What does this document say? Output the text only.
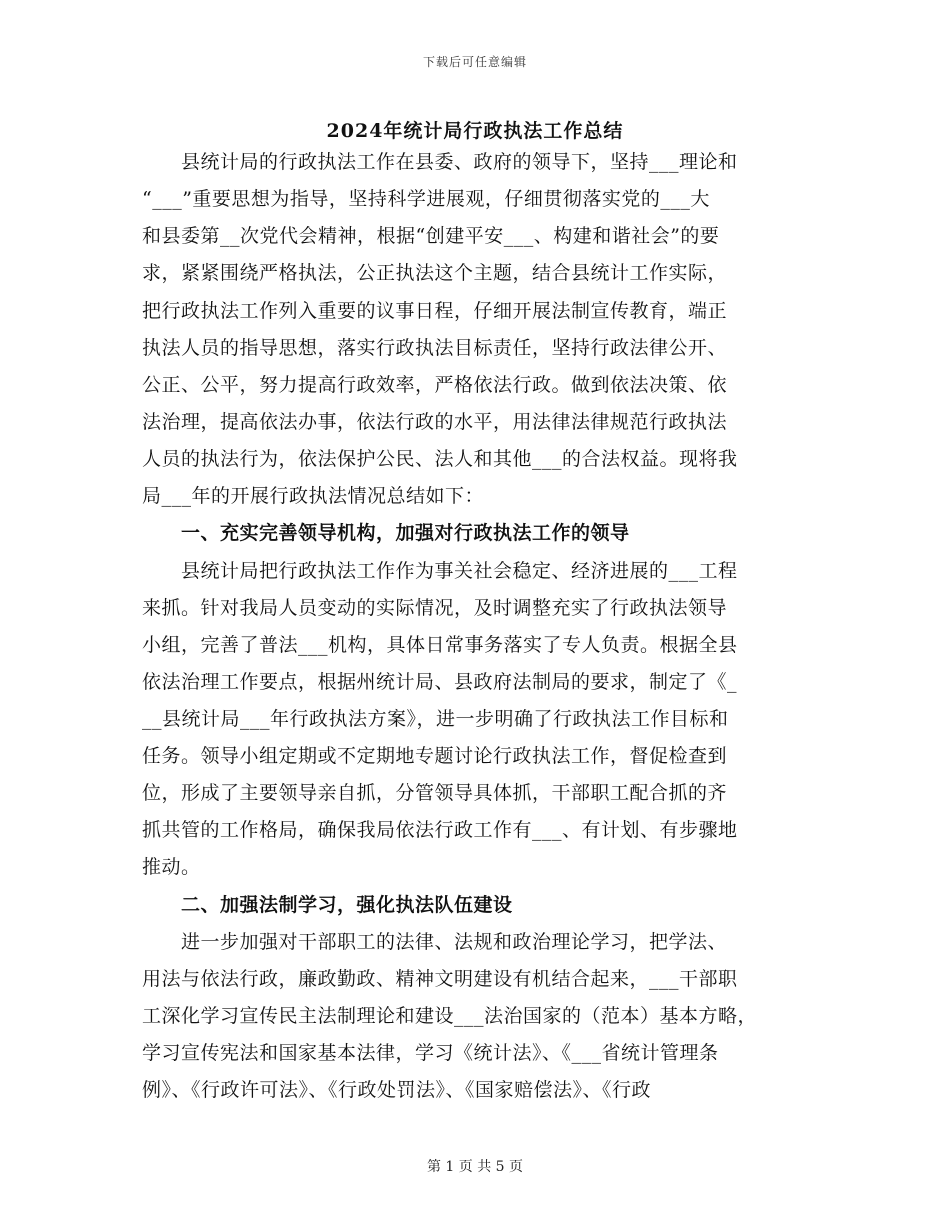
下载后可任意编辑
2024年统计局行政执法工作总结
　　县统计局的行政执法工作在县委、政府的领导下，坚持___理论和
“___”重要思想为指导，坚持科学进展观，仔细贯彻落实党的___大
和县委第__次党代会精神，根据“创建平安___、构建和谐社会”的要
求，紧紧围绕严格执法，公正执法这个主题，结合县统计工作实际，
把行政执法工作列入重要的议事日程，仔细开展法制宣传教育，端正
执法人员的指导思想，落实行政执法目标责任，坚持行政法律公开、
公正、公平，努力提高行政效率，严格依法行政。做到依法决策、依
法治理，提高依法办事，依法行政的水平，用法律法律规范行政执法
人员的执法行为，依法保护公民、法人和其他___的合法权益。现将我
局___年的开展行政执法情况总结如下：
　　一、充实完善领导机构，加强对行政执法工作的领导
　　县统计局把行政执法工作作为事关社会稳定、经济进展的___工程
来抓。针对我局人员变动的实际情况，及时调整充实了行政执法领导
小组，完善了普法___机构，具体日常事务落实了专人负责。根据全县
依法治理工作要点，根据州统计局、县政府法制局的要求，制定了《_
__县统计局___年行政执法方案》，进一步明确了行政执法工作目标和
任务。领导小组定期或不定期地专题讨论行政执法工作，督促检查到
位，形成了主要领导亲自抓，分管领导具体抓，干部职工配合抓的齐
抓共管的工作格局，确保我局依法行政工作有___、有计划、有步骤地
推动。
　　二、加强法制学习，强化执法队伍建设
　　进一步加强对干部职工的法律、法规和政治理论学习，把学法、
用法与依法行政，廉政勤政、精神文明建设有机结合起来，___干部职
工深化学习宣传民主法制理论和建设___法治国家的（范本）基本方略，
学习宣传宪法和国家基本法律，学习《统计法》、《___省统计管理条
例》、《行政许可法》、《行政处罚法》、《国家赔偿法》、《行政
第 1 页 共 5 页
